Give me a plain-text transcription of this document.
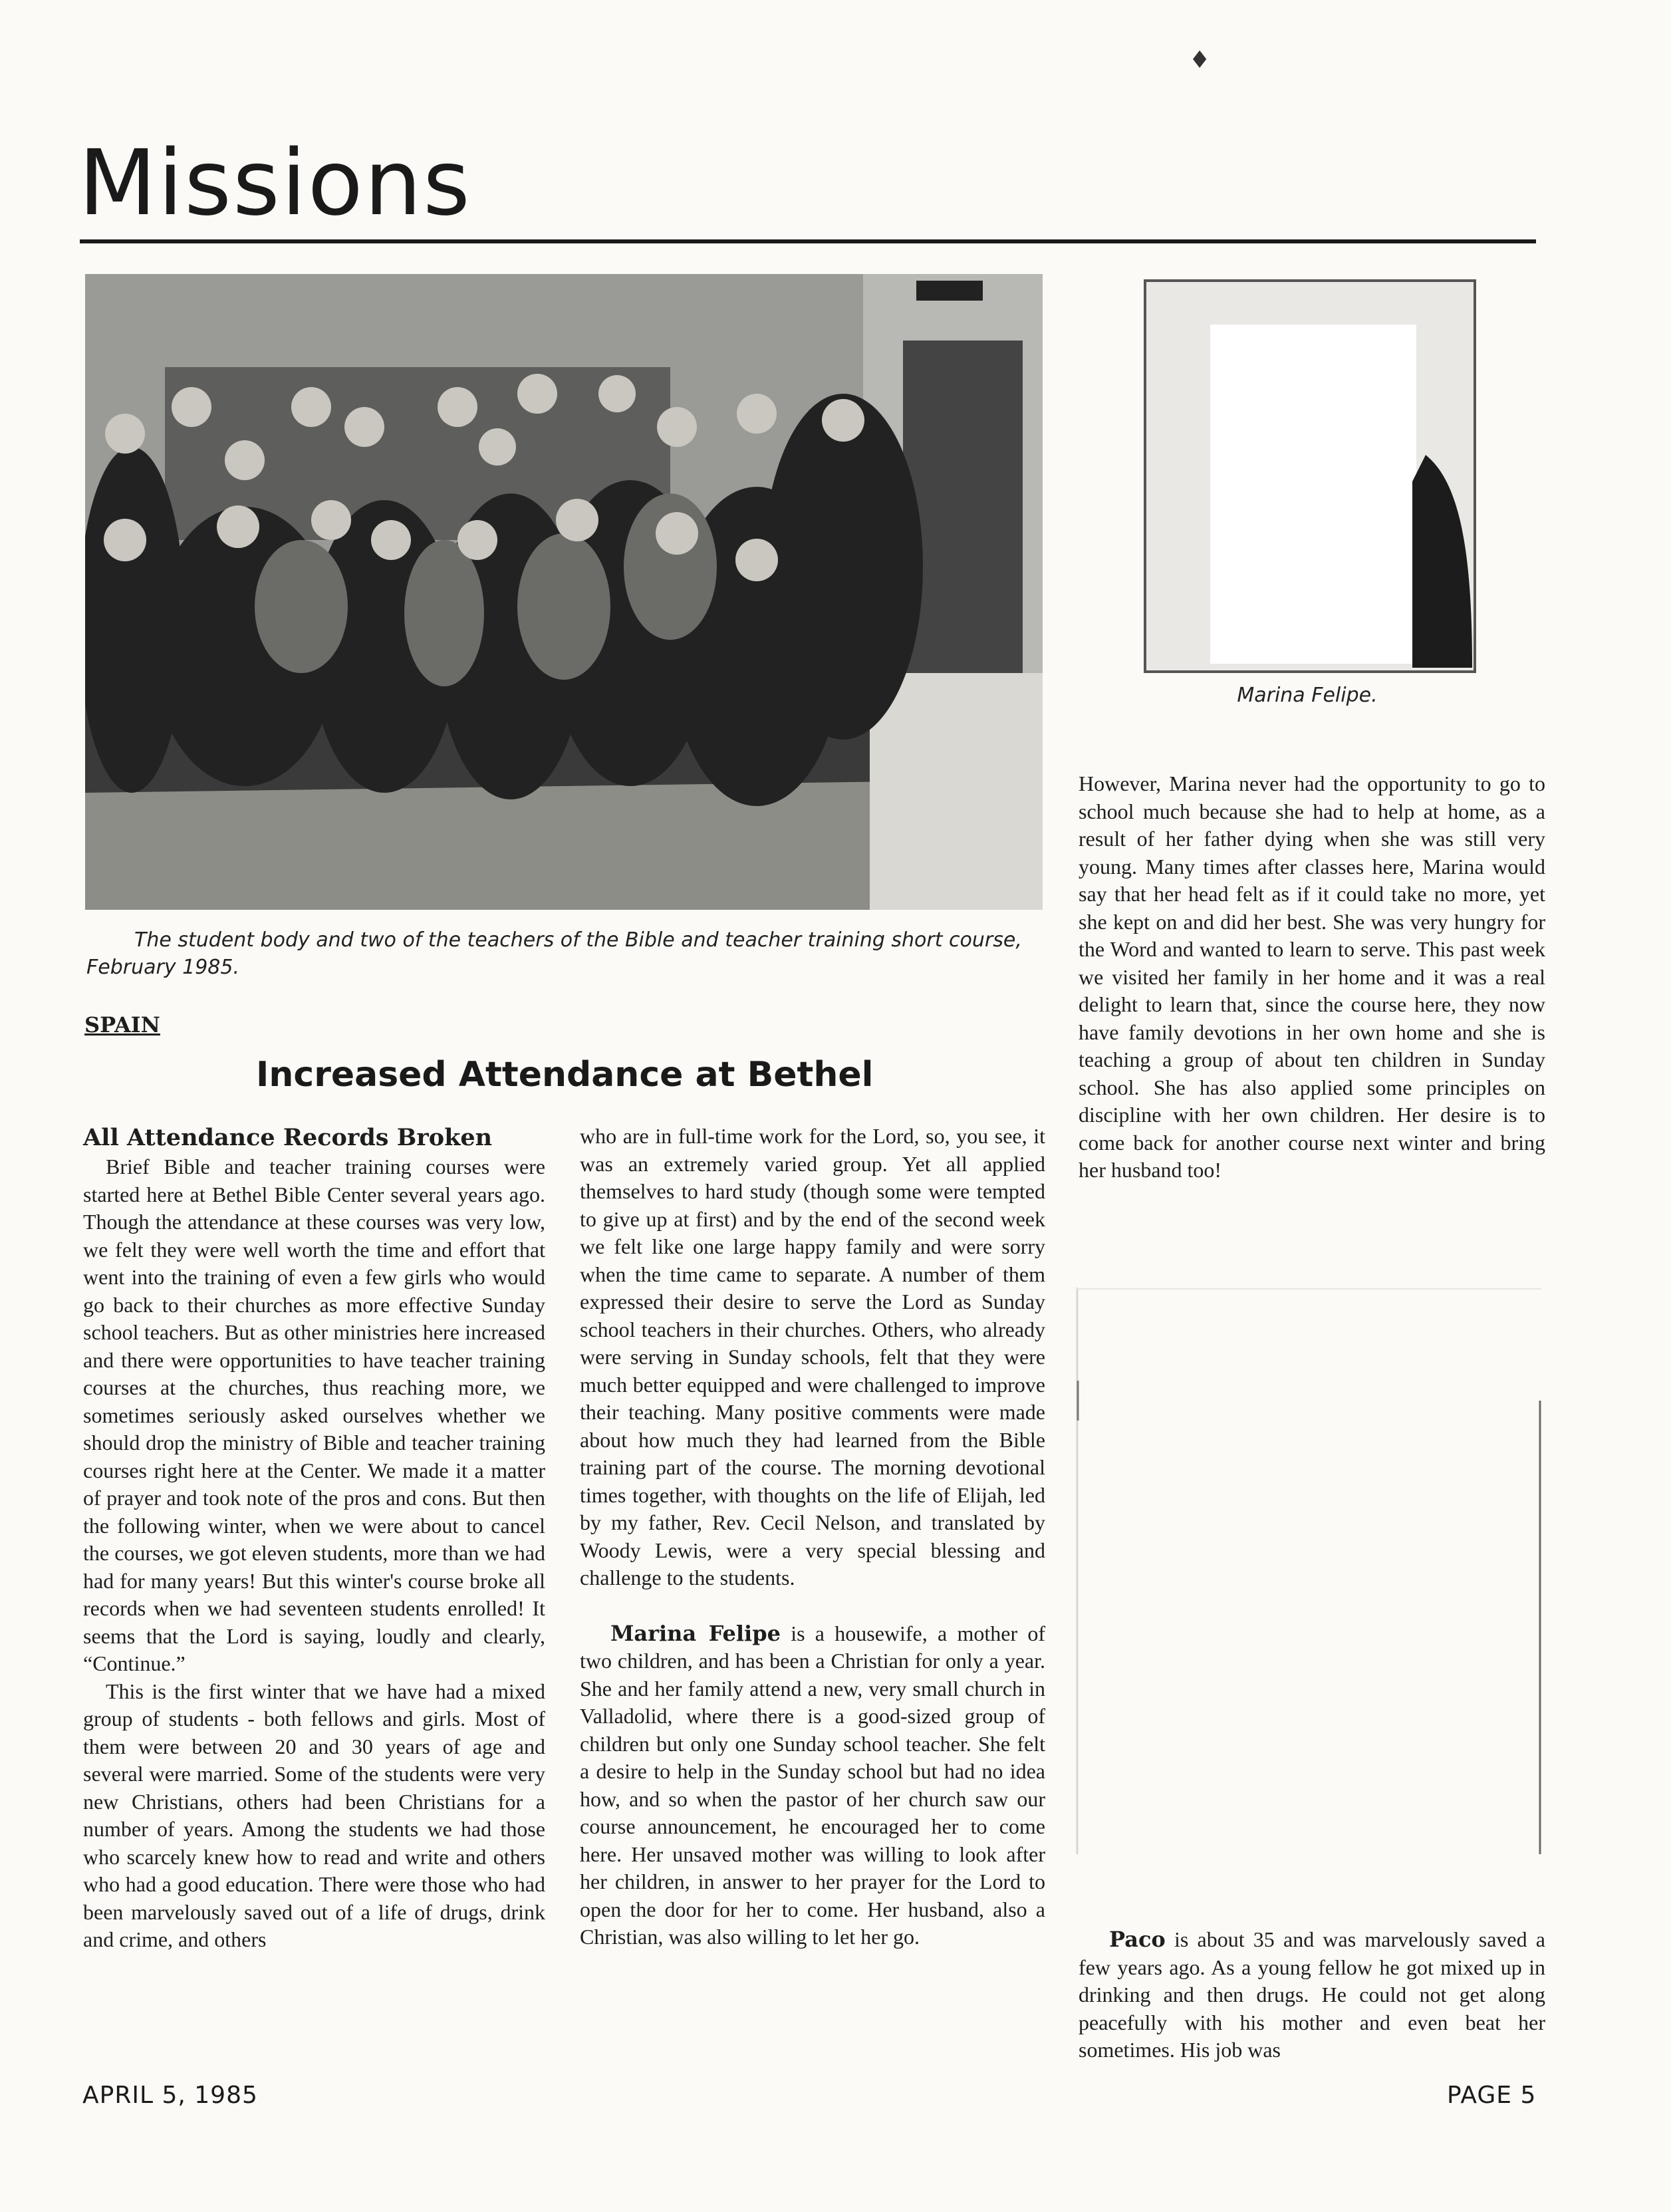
♦
Missions
The student body and two of the teachers of the Bible and teacher training short course,
February 1985.
Marina Felipe.
SPAIN
Increased Attendance at Bethel
All Attendance Records Broken

Brief Bible and teacher training courses were started here at Bethel Bible Center several years ago. Though the attendance at these courses was very low, we felt they were well worth the time and effort that went into the training of even a few girls who would go back to their churches as more effective Sunday school teachers. But as other ministries here increased and there were opportunities to have teacher training courses at the churches, thus reaching more, we sometimes seriously asked ourselves whether we should drop the ministry of Bible and teacher training courses right here at the Center. We made it a matter of prayer and took note of the pros and cons. But then the following winter, when we were about to cancel the courses, we got eleven students, more than we had had for many years! But this winter's course broke all records when we had seventeen students enrolled! It seems that the Lord is saying, loudly and clearly, “Continue.”

This is the first winter that we have had a mixed group of students - both fellows and girls. Most of them were between 20 and 30 years of age and several were married. Some of the students were very new Christians, others had been Christians for a number of years. Among the students we had those who scarcely knew how to read and write and others who had a good education. There were those who had been marvelously saved out of a life of drugs, drink and crime, and others

who are in full-time work for the Lord, so, you see, it was an extremely varied group. Yet all applied themselves to hard study (though some were tempted to give up at first) and by the end of the second week we felt like one large happy family and were sorry when the time came to separate. A number of them expressed their desire to serve the Lord as Sunday school teachers in their churches. Others, who already were serving in Sunday schools, felt that they were much better equipped and were challenged to improve their teaching. Many positive comments were made about how much they had learned from the Bible training part of the course. The morning devotional times together, with thoughts on the life of Elijah, led by my father, Rev. Cecil Nelson, and translated by Woody Lewis, were a very special blessing and challenge to the students.

Marina Felipe is a housewife, a mother of two children, and has been a Christian for only a year. She and her family attend a new, very small church in Valladolid, where there is a good-sized group of children but only one Sunday school teacher. She felt a desire to help in the Sunday school but had no idea how, and so when the pastor of her church saw our course announcement, he encouraged her to come here. Her unsaved mother was willing to look after her children, in answer to her prayer for the Lord to open the door for her to come. Her husband, also a Christian, was also willing to let her go.

However, Marina never had the opportunity to go to school much because she had to help at home, as a result of her father dying when she was still very young. Many times after classes here, Marina would say that her head felt as if it could take no more, yet she kept on and did her best. She was very hungry for the Word and wanted to learn to serve. This past week we visited her family in her home and it was a real delight to learn that, since the course here, they now have family devotions in her own home and she is teaching a group of about ten children in Sunday school. She has also applied some principles on discipline with her own children. Her desire is to come back for another course next winter and bring her husband too!

Paco is about 35 and was marvelously saved a few years ago. As a young fellow he got mixed up in drinking and then drugs. He could not get along peacefully with his mother and even beat her sometimes. His job was

APRIL 5, 1985	PAGE 5
